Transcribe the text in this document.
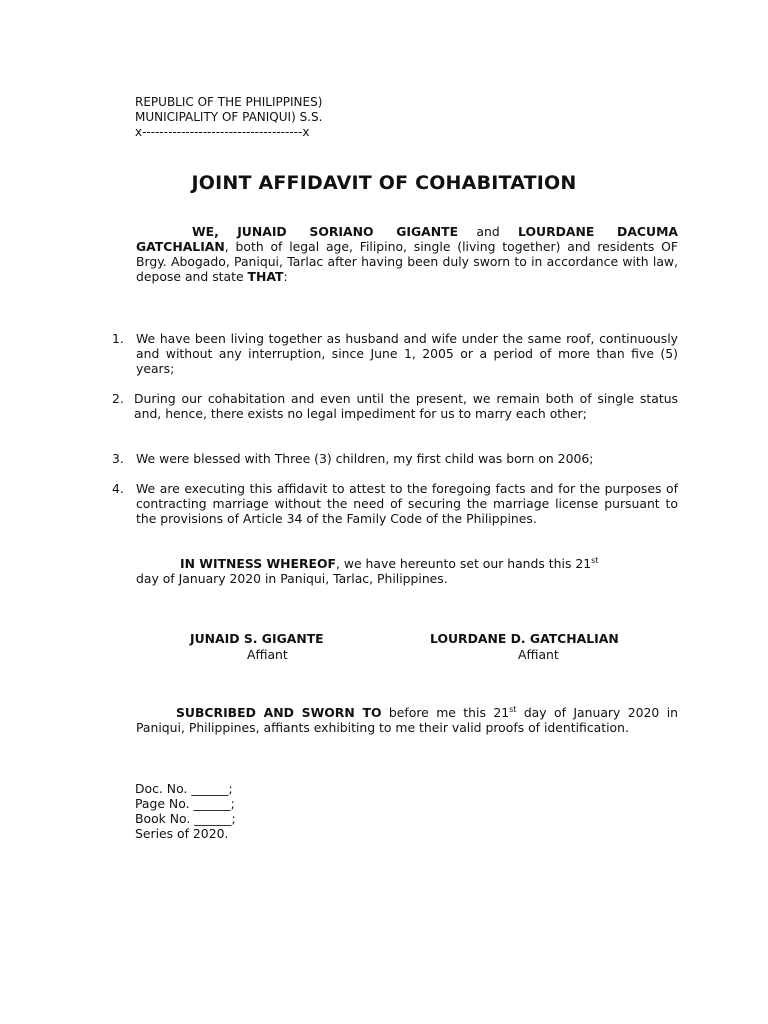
REPUBLIC OF THE PHILIPPINES)
MUNICIPALITY OF PANIQUI) S.S.
x-------------------------------------x
JOINT AFFIDAVIT OF COHABITATION
WE, JUNAID SORIANO GIGANTE and LOURDANE DACUMA GATCHALIAN, both of legal age, Filipino, single (living together) and residents OF Brgy. Abogado, Paniqui, Tarlac after having been duly sworn to in accordance with law, depose and state THAT:
1. We have been living together as husband and wife under the same roof, continuously and without any interruption, since June 1, 2005 or a period of more than five (5) years;
2. During our cohabitation and even until the present, we remain both of single status and, hence, there exists no legal impediment for us to marry each other;
3. We were blessed with Three (3) children, my first child was born on 2006;
4. We are executing this affidavit to attest to the foregoing facts and for the purposes of contracting marriage without the need of securing the marriage license pursuant to the provisions of Article 34 of the Family Code of the Philippines.
IN WITNESS WHEREOF, we have hereunto set our hands this 21st
day of January 2020 in Paniqui, Tarlac, Philippines.
JUNAID S. GIGANTE
Affiant
LOURDANE D. GATCHALIAN
Affiant
SUBCRIBED AND SWORN TO before me this 21st day of January 2020 in Paniqui, Philippines, affiants exhibiting to me their valid proofs of identification.
Doc. No. ______;
Page No. ______;
Book No. ______;
Series of 2020.
